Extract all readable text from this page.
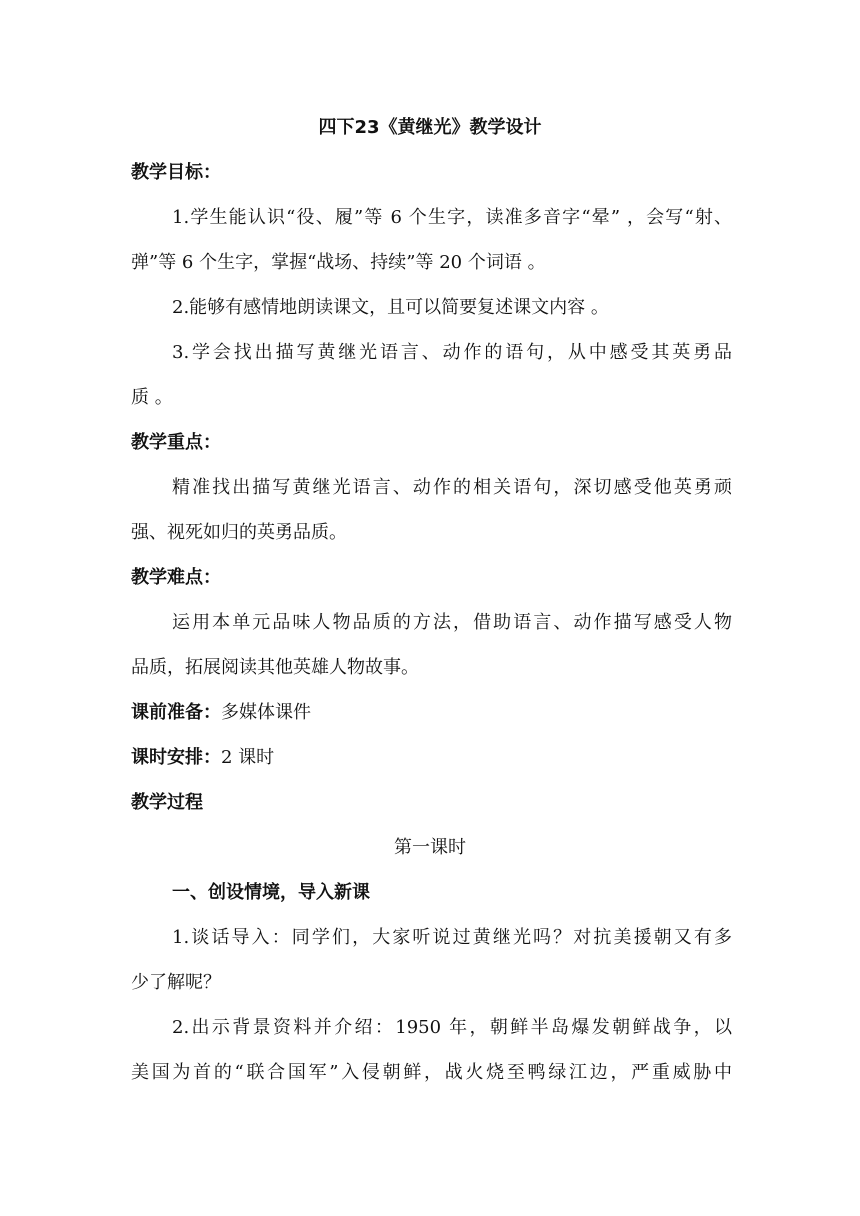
四下23《黄继光》教学设计
教学目标：
1.学生能认识“役、履”等 6 个生字，读准多音字“晕” ，会写“射、
弹”等 6 个生字，掌握“战场、持续”等 20 个词语 。
2.能够有感情地朗读课文，且可以简要复述课文内容 。
3.学会找出描写黄继光语言、动作的语句，从中感受其英勇品
质 。
教学重点：
精准找出描写黄继光语言、动作的相关语句，深切感受他英勇顽
强、视死如归的英勇品质。
教学难点：
运用本单元品味人物品质的方法，借助语言、动作描写感受人物
品质，拓展阅读其他英雄人物故事。
课前准备：多媒体课件
课时安排：2 课时
教学过程
第一课时
一、创设情境，导入新课
1.谈话导入：同学们，大家听说过黄继光吗？对抗美援朝又有多
少了解呢？
2.出示背景资料并介绍：1950 年，朝鲜半岛爆发朝鲜战争，以
美国为首的“联合国军”入侵朝鲜，战火烧至鸭绿江边，严重威胁中
